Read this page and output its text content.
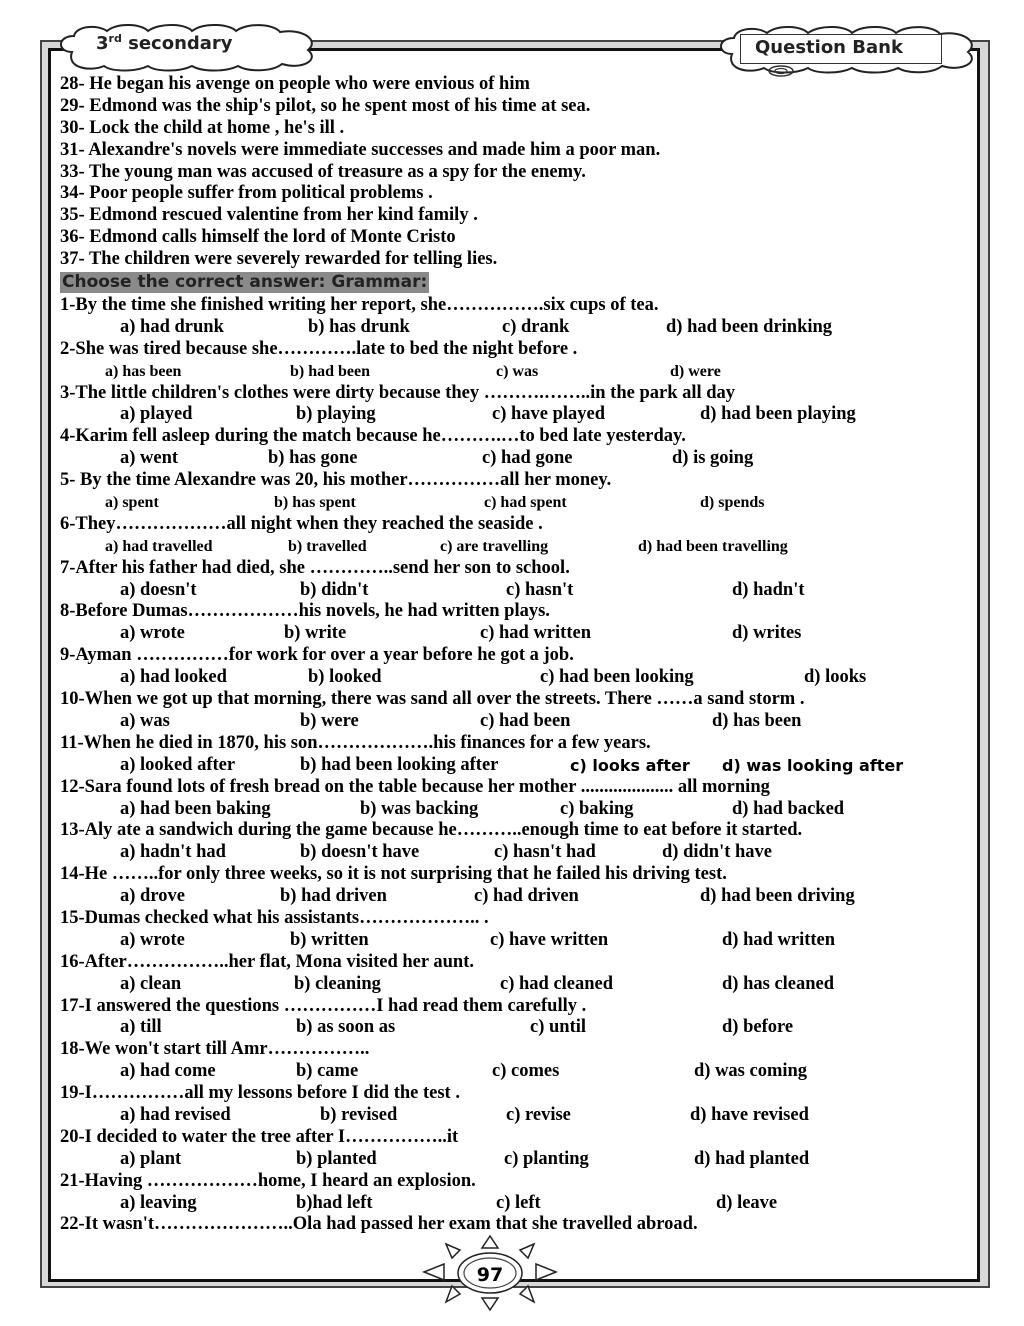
3rd secondary	Question Bank
28- He began his avenge on people who were envious of him
29- Edmond was the ship's pilot, so he spent most of his time at sea.
30- Lock the child at home , he's ill .
31- Alexandre's novels were immediate successes and made him a poor man.
33- The young man was accused of treasure as a spy for the enemy.
34- Poor people suffer from political problems .
35- Edmond rescued valentine from her kind family .
36- Edmond calls himself the lord of Monte Cristo
37- The children were severely rewarded for telling lies.
Choose the correct answer: Grammar:
1-By the time she finished writing her report, she…………….six cups of tea.
a) had drunk	b) has drunk	c) drank	d) had been drinking
2-She was tired because she………….late to bed the night before .
a) has been	b) had been	c) was	d) were
3-The little children's clothes were dirty because they ……….……..in the park all day
a) played	b) playing	c) have played	d) had been playing
4-Karim fell asleep during the match because he……….…to bed late yesterday.
a) went	b) has gone	c) had gone	d) is going
5- By the time Alexandre was 20, his mother……………all her money.
a) spent	b) has spent	c) had spent	d) spends
6-They………………all night when they reached the seaside .
a) had travelled	b) travelled	c) are travelling	d) had been travelling
7-After his father had died, she …………..send her son to school.
a) doesn't	b) didn't	c) hasn't	d) hadn't
8-Before Dumas………………his novels, he had written plays.
a) wrote	b) write	c) had written	d) writes
9-Ayman ……………for work for over a year before he got a job.
a) had looked	b) looked	c) had been looking	d) looks
10-When we got up that morning, there was sand all over the streets. There ……a sand storm .
a) was	b) were	c) had been	d) has been
11-When he died in 1870, his son……………….his finances for a few years.
a) looked after	b) had been looking after	c) looks after d) was looking after
12-Sara found lots of fresh bread on the table because her mother .................... all morning
a) had been baking	b) was backing	c) baking	d) had backed
13-Aly ate a sandwich during the game because he………..enough time to eat before it started.
a) hadn't had	b) doesn't have	c) hasn't had	d) didn't have
14-He ……..for only three weeks, so it is not surprising that he failed his driving test.
a) drove	b) had driven	c) had driven	d) had been driving
15-Dumas checked what his assistants……………….. .
a) wrote	b) written	c) have written	d) had written
16-After……………..her flat, Mona visited her aunt.
a) clean	b) cleaning	c) had cleaned	d) has cleaned
17-I answered the questions ……………I had read them carefully .
a) till	b) as soon as	c) until	d) before
18-We won't start till Amr……………..
a) had come	b) came	c) comes	d) was coming
19-I……………all my lessons before I did the test .
a) had revised	b) revised	c) revise	d) have revised
20-I decided to water the tree after I……………..it
a) plant	b) planted	c) planting	d) had planted
21-Having ………………home, I heard an explosion.
a) leaving	b)had left	c) left	d) leave
22-It wasn't…………………..Ola had passed her exam that she travelled abroad.
97
